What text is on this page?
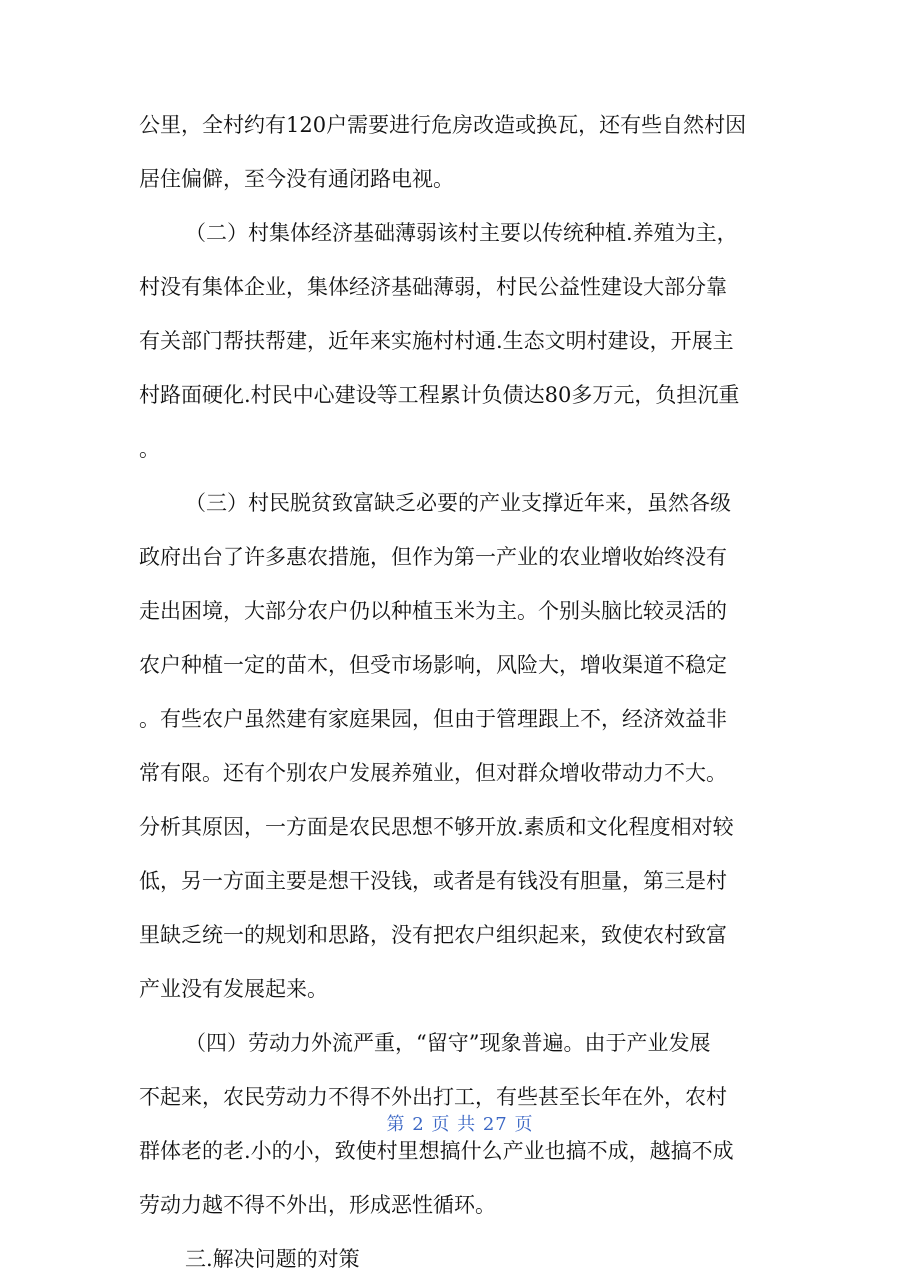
公里，全村约有120户需要进行危房改造或换瓦，还有些自然村因
居住偏僻，至今没有通闭路电视。
（二）村集体经济基础薄弱该村主要以传统种植.养殖为主，
村没有集体企业，集体经济基础薄弱，村民公益性建设大部分靠
有关部门帮扶帮建，近年来实施村村通.生态文明村建设，开展主
村路面硬化.村民中心建设等工程累计负债达80多万元，负担沉重
。
（三）村民脱贫致富缺乏必要的产业支撑近年来，虽然各级
政府出台了许多惠农措施，但作为第一产业的农业增收始终没有
走出困境，大部分农户仍以种植玉米为主。个别头脑比较灵活的
农户种植一定的苗木，但受市场影响，风险大，增收渠道不稳定
。有些农户虽然建有家庭果园，但由于管理跟上不，经济效益非
常有限。还有个别农户发展养殖业，但对群众增收带动力不大。
分析其原因，一方面是农民思想不够开放.素质和文化程度相对较
低，另一方面主要是想干没钱，或者是有钱没有胆量，第三是村
里缺乏统一的规划和思路，没有把农户组织起来，致使农村致富
产业没有发展起来。
（四）劳动力外流严重，“留守”现象普遍。由于产业发展
不起来，农民劳动力不得不外出打工，有些甚至长年在外，农村
群体老的老.小的小，致使村里想搞什么产业也搞不成，越搞不成
劳动力越不得不外出，形成恶性循环。
三.解决问题的对策
第 2 页 共 27 页
